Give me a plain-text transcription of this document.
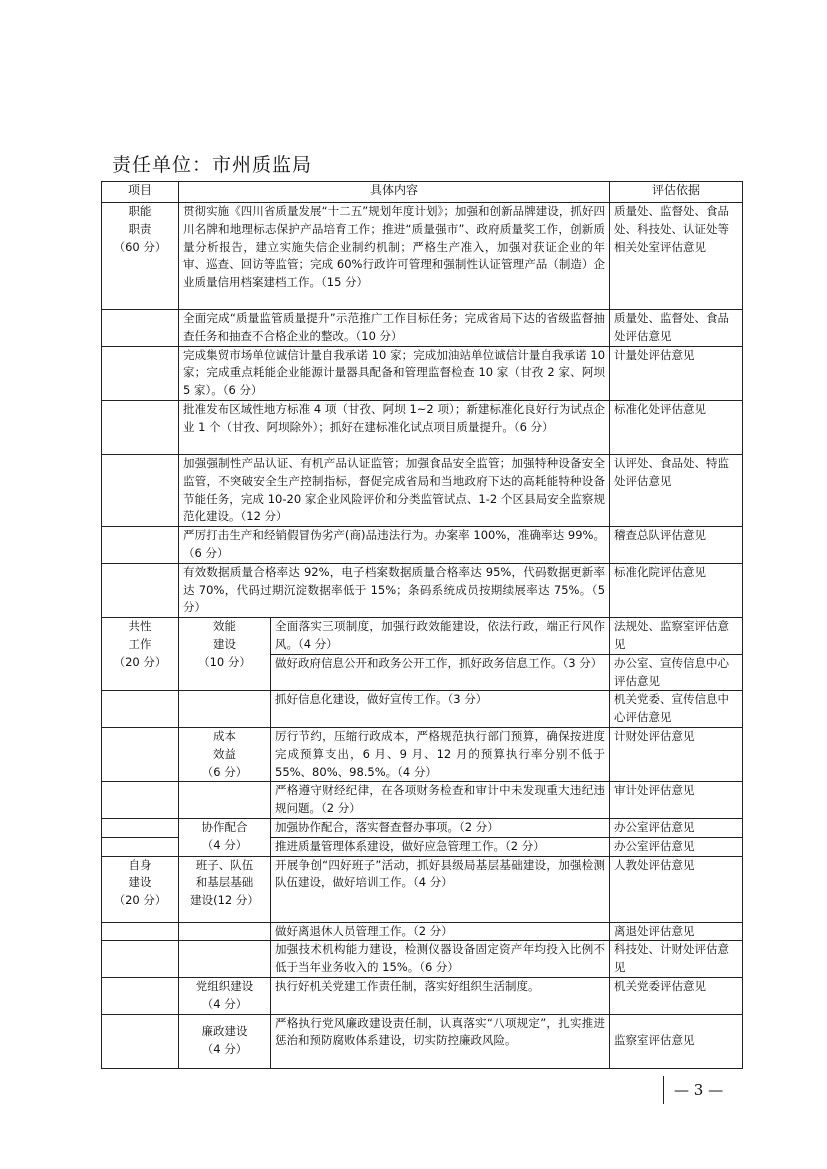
责任单位：市州质监局
项目	具体内容		评估依据
职能
职责
（60 分）	贯彻实施《四川省质量发展“十二五”规划年度计划》；加强和创新品牌建设，抓好四川名牌和地理标志保护产品培育工作；推进“质量强市”、政府质量奖工作，创新质量分析报告，建立实施失信企业制约机制；严格生产准入，加强对获证企业的年审、巡查、回访等监管；完成 60%行政许可管理和强制性认证管理产品（制造）企业质量信用档案建档工作。（15 分）		质量处、监督处、食品处、科技处、认证处等相关处室评估意见
	全面完成“质量监管质量提升”示范推广工作目标任务；完成省局下达的省级监督抽查任务和抽查不合格企业的整改。（10 分）		质量处、监督处、食品处评估意见
	完成集贸市场单位诚信计量自我承诺 10 家；完成加油站单位诚信计量自我承诺 10 家；完成重点耗能企业能源计量器具配备和管理监督检查 10 家（甘孜 2 家、阿坝 5 家）。（6 分）		计量处评估意见
	批准发布区域性地方标准 4 项（甘孜、阿坝 1~2 项）；新建标准化良好行为试点企业 1 个（甘孜、阿坝除外）；抓好在建标准化试点项目质量提升。（6 分）		标准化处评估意见
	加强强制性产品认证、有机产品认证监管；加强食品安全监管；加强特种设备安全监管，不突破安全生产控制指标，督促完成省局和当地政府下达的高耗能特种设备节能任务，完成 10-20 家企业风险评价和分类监管试点、1-2 个区县局安全监察规范化建设。（12 分）		认评处、食品处、特监处评估意见
	严厉打击生产和经销假冒伪劣产(商)品违法行为。办案率 100%，准确率达 99%。（6 分）		稽查总队评估意见
	有效数据质量合格率达 92%，电子档案数据质量合格率达 95%，代码数据更新率达 70%，代码过期沉淀数据率低于 15%；条码系统成员按期续展率达 75%。（5 分）		标准化院评估意见
共性
工作
（20 分）	效能
建设
（10 分）	全面落实三项制度，加强行政效能建设，依法行政，端正行风作风。（4 分）	法规处、监察室评估意见
		做好政府信息公开和政务公开工作，抓好政务信息工作。（3 分）	办公室、宣传信息中心评估意见
		抓好信息化建设，做好宣传工作。（3 分）	机关党委、宣传信息中心评估意见
	成本
效益
（6 分）	厉行节约，压缩行政成本，严格规范执行部门预算，确保按进度完成预算支出，6 月、9 月、12 月的预算执行率分别不低于 55%、80%、98.5%。（4 分）	计财处评估意见
		严格遵守财经纪律，在各项财务检查和审计中未发现重大违纪违规问题。（2 分）	审计处评估意见
	协作配合
（4 分）	加强协作配合，落实督查督办事项。（2 分）	办公室评估意见
		推进质量管理体系建设，做好应急管理工作。（2 分）	办公室评估意见
自身
建设
（20 分）	班子、队伍
和基层基础
建设(12 分）	开展争创“四好班子”活动，抓好县级局基层基础建设，加强检测队伍建设，做好培训工作。（4 分）	人教处评估意见
		做好离退休人员管理工作。（2 分）	离退处评估意见
		加强技术机构能力建设，检测仪器设备固定资产年均投入比例不低于当年业务收入的 15%。（6 分）	科技处、计财处评估意见
	党组织建设
（4 分）	执行好机关党建工作责任制，落实好组织生活制度。	机关党委评估意见
	廉政建设
（4 分）	严格执行党风廉政建设责任制，认真落实“八项规定”，扎实推进惩治和预防腐败体系建设，切实防控廉政风险。	监察室评估意见
— 3 —
